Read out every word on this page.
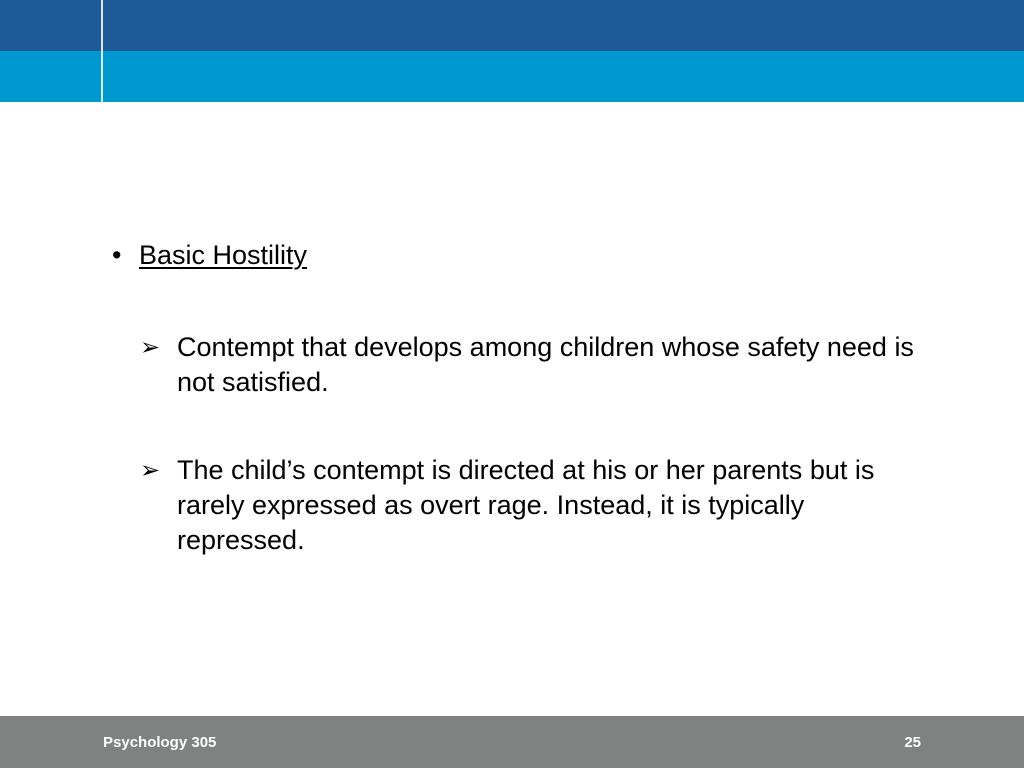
• Basic Hostility
➢ Contempt that develops among children whose safety need is not satisfied.
➢ The child’s contempt is directed at his or her parents but is rarely expressed as overt rage. Instead, it is typically repressed.
Psychology 305	25
